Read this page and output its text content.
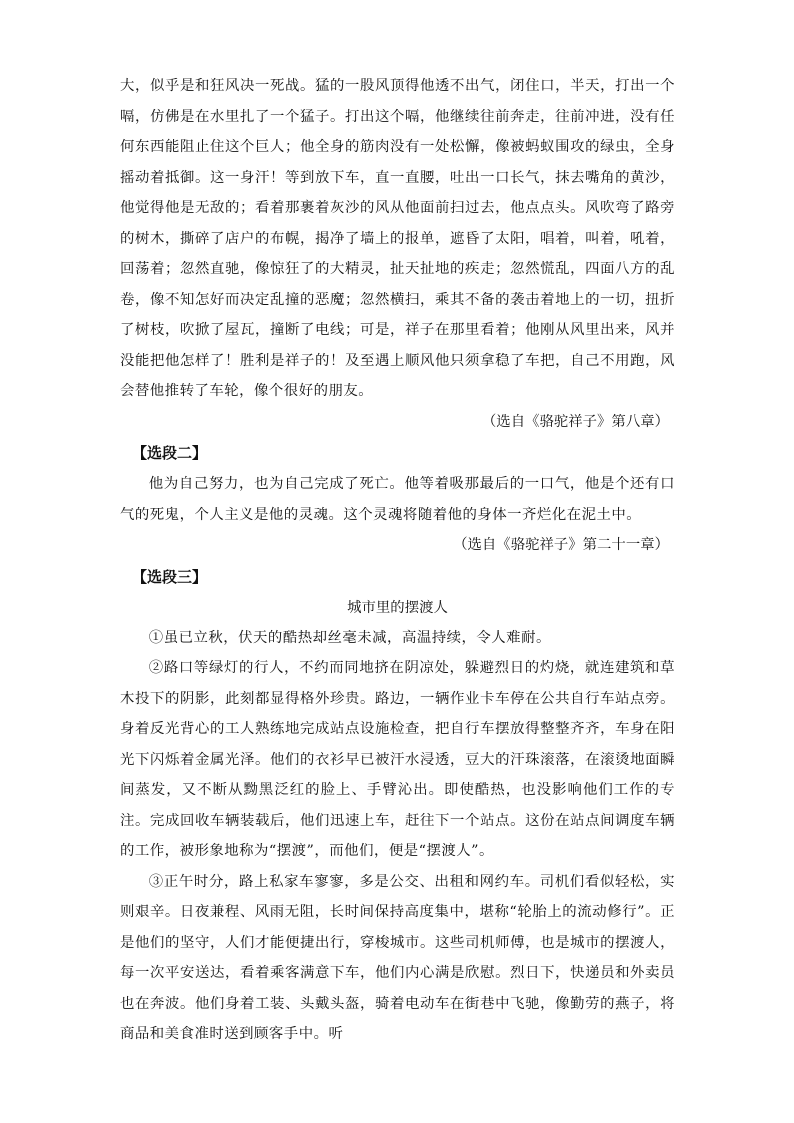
大，似乎是和狂风决一死战。猛的一股风顶得他透不出气，闭住口，半天，打出一个嗝，仿佛是在水里扎了一个猛子。打出这个嗝，他继续往前奔走，往前冲进，没有任何东西能阻止住这个巨人；他全身的筋肉没有一处松懈，像被蚂蚁围攻的绿虫，全身摇动着抵御。这一身汗！等到放下车，直一直腰，吐出一口长气，抹去嘴角的黄沙，他觉得他是无敌的；看着那裹着灰沙的风从他面前扫过去，他点点头。风吹弯了路旁的树木，撕碎了店户的布幌，揭净了墙上的报单，遮昏了太阳，唱着，叫着，吼着，回荡着；忽然直驰，像惊狂了的大精灵，扯天扯地的疾走；忽然慌乱，四面八方的乱卷，像不知怎好而决定乱撞的恶魔；忽然横扫，乘其不备的袭击着地上的一切，扭折了树枝，吹掀了屋瓦，撞断了电线；可是，祥子在那里看着；他刚从风里出来，风并没能把他怎样了！胜利是祥子的！及至遇上顺风他只须拿稳了车把，自己不用跑，风会替他推转了车轮，像个很好的朋友。

（选自《骆驼祥子》第八章）

【选段二】

他为自己努力，也为自己完成了死亡。他等着吸那最后的一口气，他是个还有口气的死鬼，个人主义是他的灵魂。这个灵魂将随着他的身体一齐烂化在泥土中。

（选自《骆驼祥子》第二十一章）

【选段三】

城市里的摆渡人

①虽已立秋，伏天的酷热却丝毫未减，高温持续，令人难耐。

②路口等绿灯的行人，不约而同地挤在阴凉处，躲避烈日的灼烧，就连建筑和草木投下的阴影，此刻都显得格外珍贵。路边，一辆作业卡车停在公共自行车站点旁。身着反光背心的工人熟练地完成站点设施检查，把自行车摆放得整整齐齐，车身在阳光下闪烁着金属光泽。他们的衣衫早已被汗水浸透，豆大的汗珠滚落，在滚烫地面瞬间蒸发，又不断从黝黑泛红的脸上、手臂沁出。即使酷热，也没影响他们工作的专注。完成回收车辆装载后，他们迅速上车，赶往下一个站点。这份在站点间调度车辆的工作，被形象地称为“摆渡”，而他们，便是“摆渡人”。

③正午时分，路上私家车寥寥，多是公交、出租和网约车。司机们看似轻松，实则艰辛。日夜兼程、风雨无阻，长时间保持高度集中，堪称“轮胎上的流动修行”。正是他们的坚守，人们才能便捷出行，穿梭城市。这些司机师傅，也是城市的摆渡人，每一次平安送达，看着乘客满意下车，他们内心满是欣慰。烈日下，快递员和外卖员也在奔波。他们身着工装、头戴头盔，骑着电动车在街巷中飞驰，像勤劳的燕子，将商品和美食准时送到顾客手中。听
